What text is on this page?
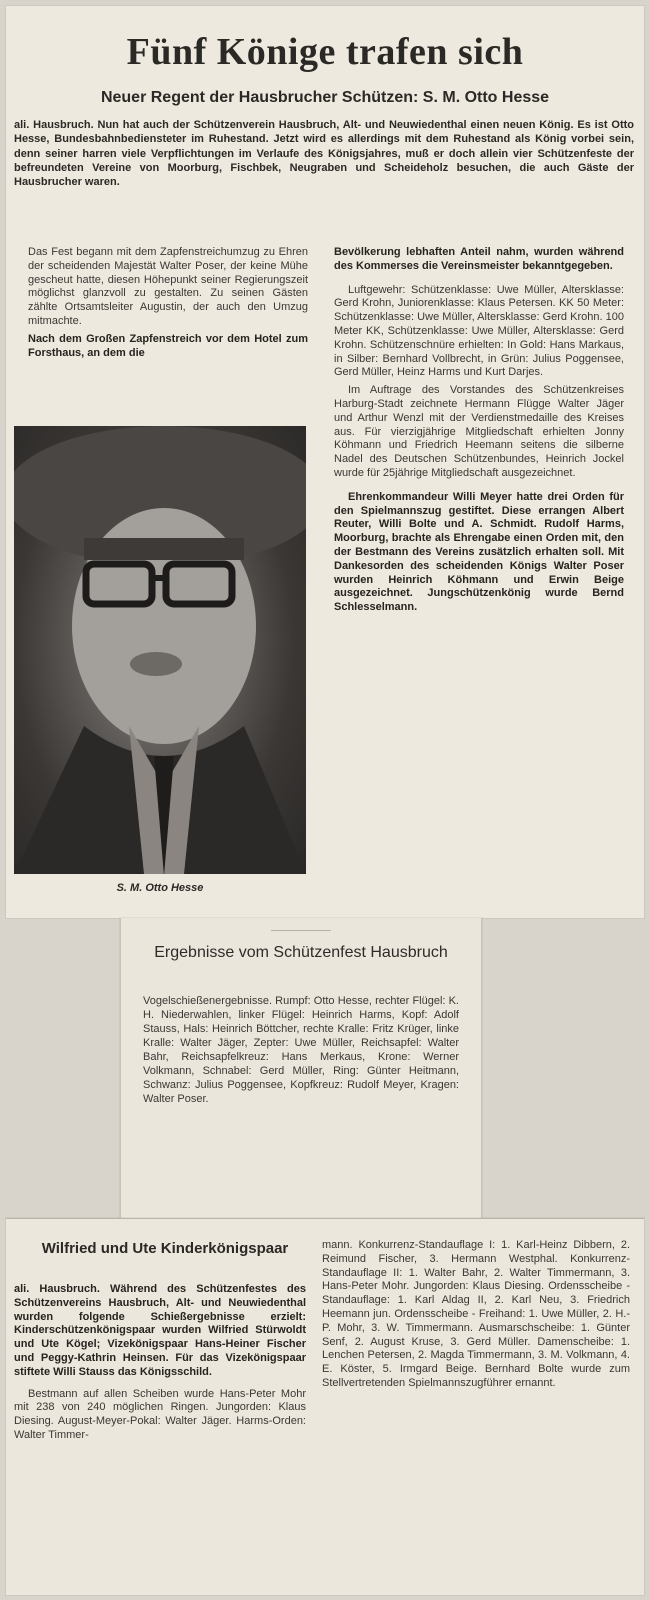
Fünf Könige trafen sich
Neuer Regent der Hausbrucher Schützen: S. M. Otto Hesse
ali. Hausbruch. Nun hat auch der Schützenverein Hausbruch, Alt- und Neuwiedenthal einen neuen König. Es ist Otto Hesse, Bundesbahnbediensteter im Ruhestand. Jetzt wird es allerdings mit dem Ruhestand als König vorbei sein, denn seiner harren viele Verpflichtungen im Verlaufe des Königsjahres, muß er doch allein vier Schützenfeste der befreundeten Vereine von Moorburg, Fischbek, Neugraben und Scheideholz besuchen, die auch Gäste der Hausbrucher waren.

Das Fest begann mit dem Zapfenstreichumzug zu Ehren der scheidenden Majestät Walter Poser, der keine Mühe gescheut hatte, diesen Höhepunkt seiner Regierungszeit möglichst glanzvoll zu gestalten. Zu seinen Gästen zählte Ortsamtsleiter Augustin, der auch den Umzug mitmachte.

Nach dem Großen Zapfenstreich vor dem Hotel zum Forsthaus, an dem die

S. M. Otto Hesse

Bevölkerung lebhaften Anteil nahm, wurden während des Kommerses die Vereinsmeister bekanntgegeben.

Luftgewehr: Schützenklasse: Uwe Müller, Altersklasse: Gerd Krohn, Juniorenklasse: Klaus Petersen. KK 50 Meter: Schützenklasse: Uwe Müller, Altersklasse: Gerd Krohn. 100 Meter KK, Schützenklasse: Uwe Müller, Altersklasse: Gerd Krohn. Schützenschnüre erhielten: In Gold: Hans Markaus, in Silber: Bernhard Vollbrecht, in Grün: Julius Poggensee, Gerd Müller, Heinz Harms und Kurt Darjes.

Im Auftrage des Vorstandes des Schützenkreises Harburg-Stadt zeichnete Hermann Flügge Walter Jäger und Arthur Wenzl mit der Verdienstmedaille des Kreises aus. Für vierzigjährige Mitgliedschaft erhielten Jonny Köhmann und Friedrich Heemann seitens die silberne Nadel des Deutschen Schützenbundes, Heinrich Jockel wurde für 25jährige Mitgliedschaft ausgezeichnet.

Ehrenkommandeur Willi Meyer hatte drei Orden für den Spielmannszug gestiftet. Diese errangen Albert Reuter, Willi Bolte und A. Schmidt. Rudolf Harms, Moorburg, brachte als Ehrengabe einen Orden mit, den der Bestmann des Vereins zusätzlich erhalten soll. Mit Dankesorden des scheidenden Königs Walter Poser wurden Heinrich Köhmann und Erwin Beige ausgezeichnet. Jungschützenkönig wurde Bernd Schlesselmann.

Ergebnisse vom Schützenfest Hausbruch
Vogelschießenergebnisse. Rumpf: Otto Hesse, rechter Flügel: K. H. Niederwahlen, linker Flügel: Heinrich Harms, Kopf: Adolf Stauss, Hals: Heinrich Böttcher, rechte Kralle: Fritz Krüger, linke Kralle: Walter Jäger, Zepter: Uwe Müller, Reichsapfel: Walter Bahr, Reichsapfelkreuz: Hans Merkaus, Krone: Werner Volkmann, Schnabel: Gerd Müller, Ring: Günter Heitmann, Schwanz: Julius Poggensee, Kopfkreuz: Rudolf Meyer, Kragen: Walter Poser.
Wilfried und Ute Kinderkönigspaar

ali. Hausbruch. Während des Schützenfestes des Schützenvereins Hausbruch, Alt- und Neuwiedenthal wurden folgende Schießergebnisse erzielt: Kinderschützenkönigspaar wurden Wilfried Stürwoldt und Ute Kögel; Vizekönigspaar Hans-Heiner Fischer und Peggy-Kathrin Heinsen. Für das Vizekönigspaar stiftete Willi Stauss das Königsschild.

Bestmann auf allen Scheiben wurde Hans-Peter Mohr mit 238 von 240 möglichen Ringen. Jungorden: Klaus Diesing. August-Meyer-Pokal: Walter Jäger. Harms-Orden: Walter Timmer-

mann. Konkurrenz-Standauflage I: 1. Karl-Heinz Dibbern, 2. Reimund Fischer, 3. Hermann Westphal. Konkurrenz-Standauflage II: 1. Walter Bahr, 2. Walter Timmermann, 3. Hans-Peter Mohr. Jungorden: Klaus Diesing. Ordensscheibe - Standauflage: 1. Karl Aldag II, 2. Karl Neu, 3. Friedrich Heemann jun. Ordensscheibe - Freihand: 1. Uwe Müller, 2. H.-P. Mohr, 3. W. Timmermann. Ausmarschscheibe: 1. Günter Senf, 2. August Kruse, 3. Gerd Müller. Damenscheibe: 1. Lenchen Petersen, 2. Magda Timmermann, 3. M. Volkmann, 4. E. Köster, 5. Irmgard Beige. Bernhard Bolte wurde zum Stellvertretenden Spielmannszugführer ernannt.
